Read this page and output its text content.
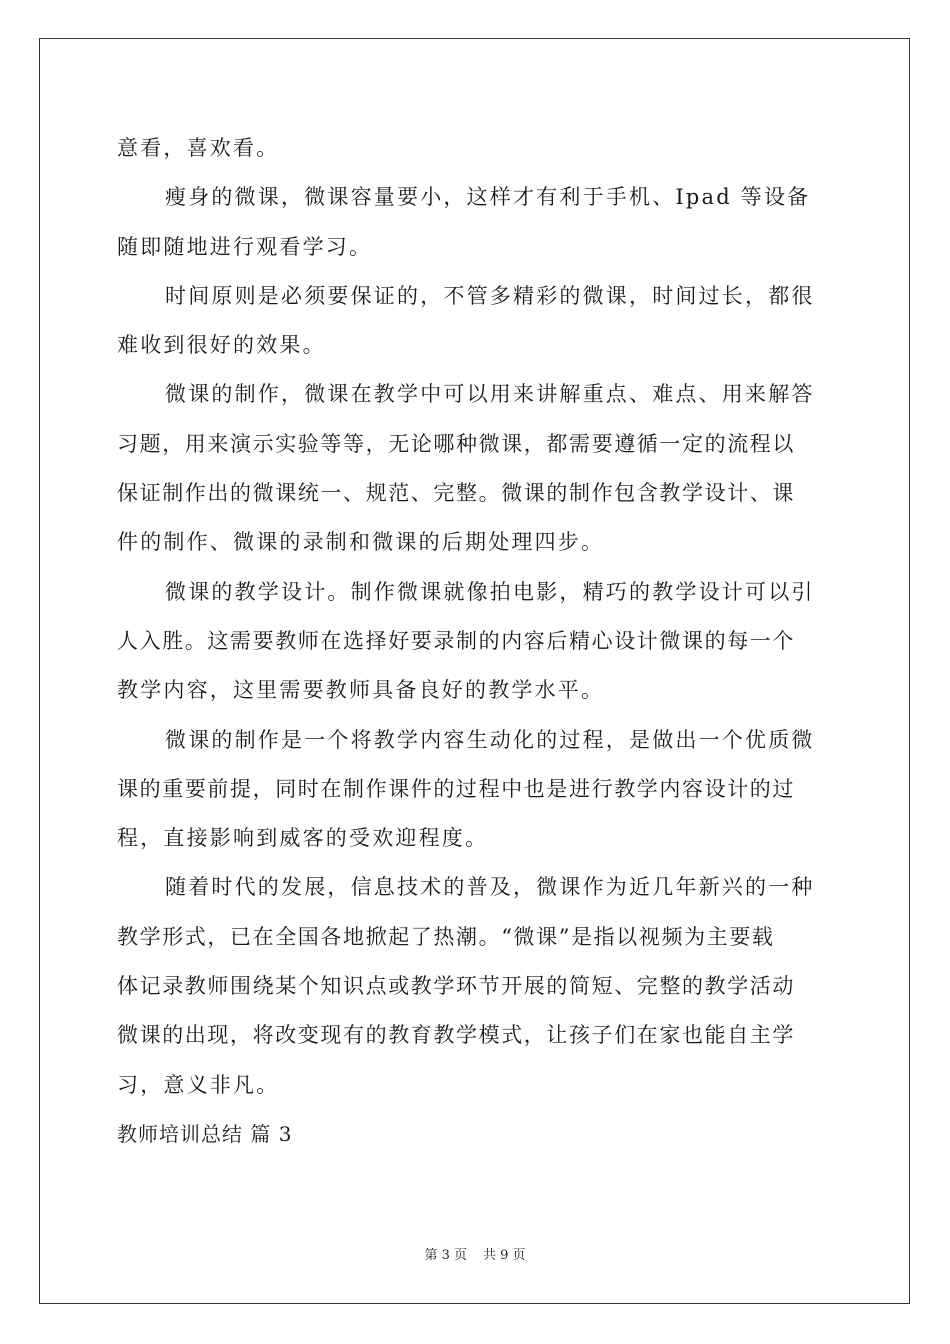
意看，喜欢看。
瘦身的微课，微课容量要小，这样才有利于手机、Ipad 等设备
随即随地进行观看学习。
时间原则是必须要保证的，不管多精彩的微课，时间过长，都很
难收到很好的效果。
微课的制作，微课在教学中可以用来讲解重点、难点、用来解答
习题，用来演示实验等等，无论哪种微课，都需要遵循一定的流程以
保证制作出的微课统一、规范、完整。微课的制作包含教学设计、课
件的制作、微课的录制和微课的后期处理四步。
微课的教学设计。制作微课就像拍电影，精巧的教学设计可以引
人入胜。这需要教师在选择好要录制的内容后精心设计微课的每一个
教学内容，这里需要教师具备良好的教学水平。
微课的制作是一个将教学内容生动化的过程，是做出一个优质微
课的重要前提，同时在制作课件的过程中也是进行教学内容设计的过
程，直接影响到威客的受欢迎程度。
随着时代的发展，信息技术的普及，微课作为近几年新兴的一种
教学形式，已在全国各地掀起了热潮。“微课”是指以视频为主要载
体记录教师围绕某个知识点或教学环节开展的简短、完整的教学活动
微课的出现，将改变现有的教育教学模式，让孩子们在家也能自主学
习，意义非凡。
教师培训总结 篇 3
第 3 页 共 9 页
